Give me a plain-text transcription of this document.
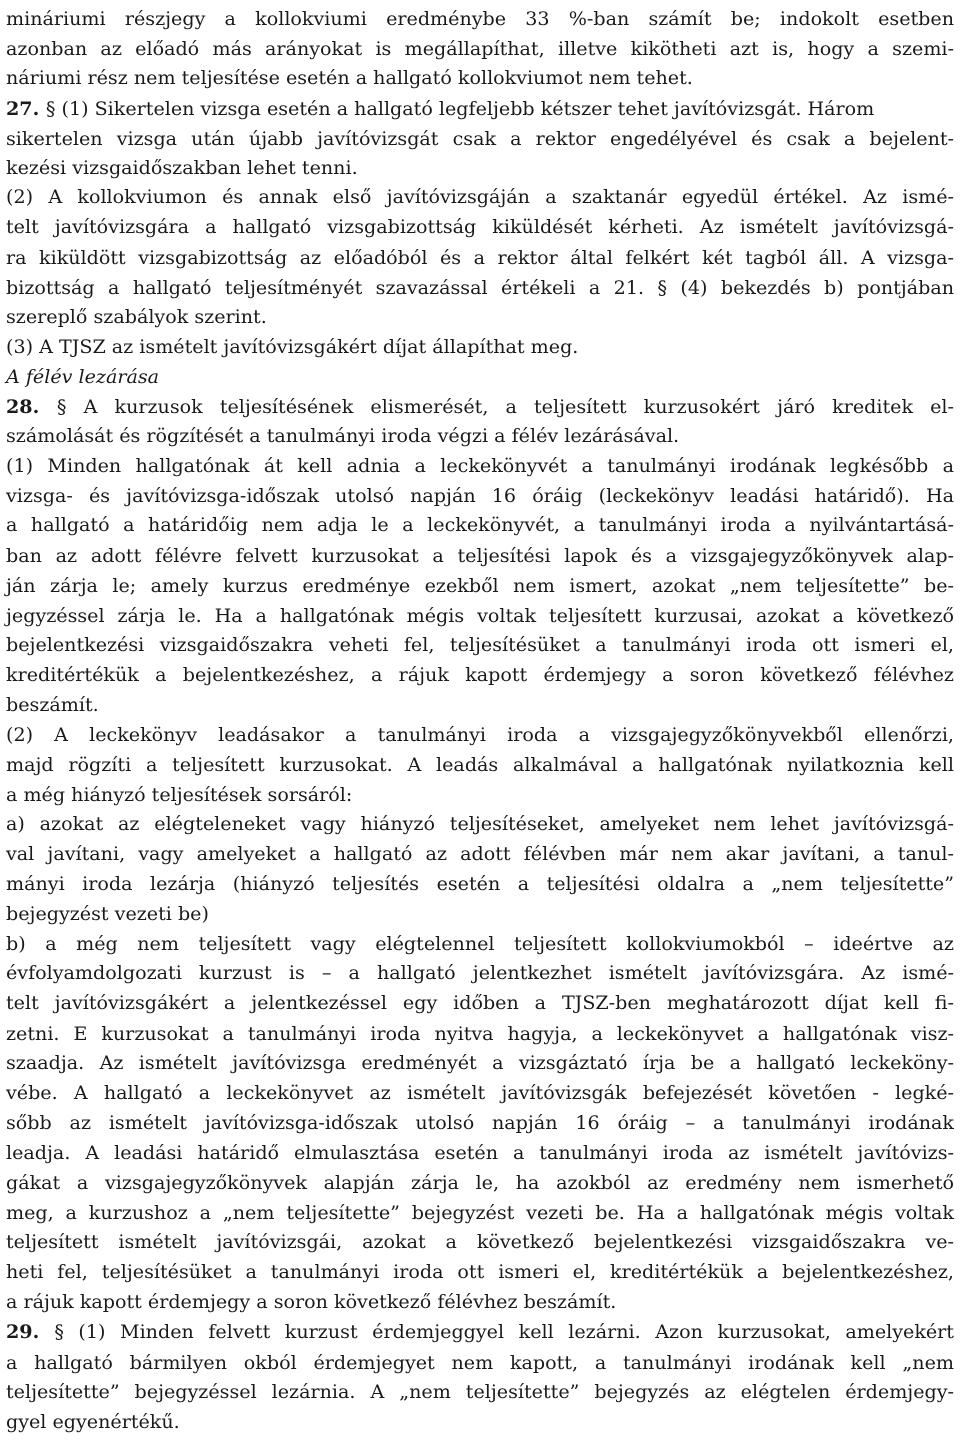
mináriumi részjegy a kollokviumi eredménybe 33 %-ban számít be; indokolt esetben
azonban az előadó más arányokat is megállapíthat, illetve kikötheti azt is, hogy a szemi-
náriumi rész nem teljesítése esetén a hallgató kollokviumot nem tehet.
27. § (1) Sikertelen vizsga esetén a hallgató legfeljebb kétszer tehet javítóvizsgát. Három
sikertelen vizsga után újabb javítóvizsgát csak a rektor engedélyével és csak a bejelent-
kezési vizsgaidőszakban lehet tenni.
(2) A kollokviumon és annak első javítóvizsgáján a szaktanár egyedül értékel. Az ismé-
telt javítóvizsgára a hallgató vizsgabizottság kiküldését kérheti. Az ismételt javítóvizsgá-
ra kiküldött vizsgabizottság az előadóból és a rektor által felkért két tagból áll. A vizsga-
bizottság a hallgató teljesítményét szavazással értékeli a 21. § (4) bekezdés b) pontjában
szereplő szabályok szerint.
(3) A TJSZ az ismételt javítóvizsgákért díjat állapíthat meg.
A félév lezárása
28. § A kurzusok teljesítésének elismerését, a teljesített kurzusokért járó kreditek el-
számolását és rögzítését a tanulmányi iroda végzi a félév lezárásával.
(1) Minden hallgatónak át kell adnia a leckekönyvét a tanulmányi irodának legkésőbb a
vizsga- és javítóvizsga-időszak utolsó napján 16 óráig (leckekönyv leadási határidő). Ha
a hallgató a határidőig nem adja le a leckekönyvét, a tanulmányi iroda a nyilvántartásá-
ban az adott félévre felvett kurzusokat a teljesítési lapok és a vizsgajegyzőkönyvek alap-
ján zárja le; amely kurzus eredménye ezekből nem ismert, azokat „nem teljesítette” be-
jegyzéssel zárja le. Ha a hallgatónak mégis voltak teljesített kurzusai, azokat a következő
bejelentkezési vizsgaidőszakra veheti fel, teljesítésüket a tanulmányi iroda ott ismeri el,
kreditértékük a bejelentkezéshez, a rájuk kapott érdemjegy a soron következő félévhez
beszámít.
(2) A leckekönyv leadásakor a tanulmányi iroda a vizsgajegyzőkönyvekből ellenőrzi,
majd rögzíti a teljesített kurzusokat. A leadás alkalmával a hallgatónak nyilatkoznia kell
a még hiányzó teljesítések sorsáról:
a) azokat az elégteleneket vagy hiányzó teljesítéseket, amelyeket nem lehet javítóvizsgá-
val javítani, vagy amelyeket a hallgató az adott félévben már nem akar javítani, a tanul-
mányi iroda lezárja (hiányzó teljesítés esetén a teljesítési oldalra a „nem teljesítette”
bejegyzést vezeti be)
b) a még nem teljesített vagy elégtelennel teljesített kollokviumokból – ideértve az
évfolyamdolgozati kurzust is – a hallgató jelentkezhet ismételt javítóvizsgára. Az ismé-
telt javítóvizsgákért a jelentkezéssel egy időben a TJSZ-ben meghatározott díjat kell fi-
zetni. E kurzusokat a tanulmányi iroda nyitva hagyja, a leckekönyvet a hallgatónak visz-
szaadja. Az ismételt javítóvizsga eredményét a vizsgáztató írja be a hallgató leckeköny-
vébe. A hallgató a leckekönyvet az ismételt javítóvizsgák befejezését követően - legké-
sőbb az ismételt javítóvizsga-időszak utolsó napján 16 óráig – a tanulmányi irodának
leadja. A leadási határidő elmulasztása esetén a tanulmányi iroda az ismételt javítóvizs-
gákat a vizsgajegyzőkönyvek alapján zárja le, ha azokból az eredmény nem ismerhető
meg, a kurzushoz a „nem teljesítette” bejegyzést vezeti be. Ha a hallgatónak mégis voltak
teljesített ismételt javítóvizsgái, azokat a következő bejelentkezési vizsgaidőszakra ve-
heti fel, teljesítésüket a tanulmányi iroda ott ismeri el, kreditértékük a bejelentkezéshez,
a rájuk kapott érdemjegy a soron következő félévhez beszámít.
29. § (1) Minden felvett kurzust érdemjeggyel kell lezárni. Azon kurzusokat, amelyekért
a hallgató bármilyen okból érdemjegyet nem kapott, a tanulmányi irodának kell „nem
teljesítette” bejegyzéssel lezárnia. A „nem teljesítette” bejegyzés az elégtelen érdemjegy-
gyel egyenértékű.
